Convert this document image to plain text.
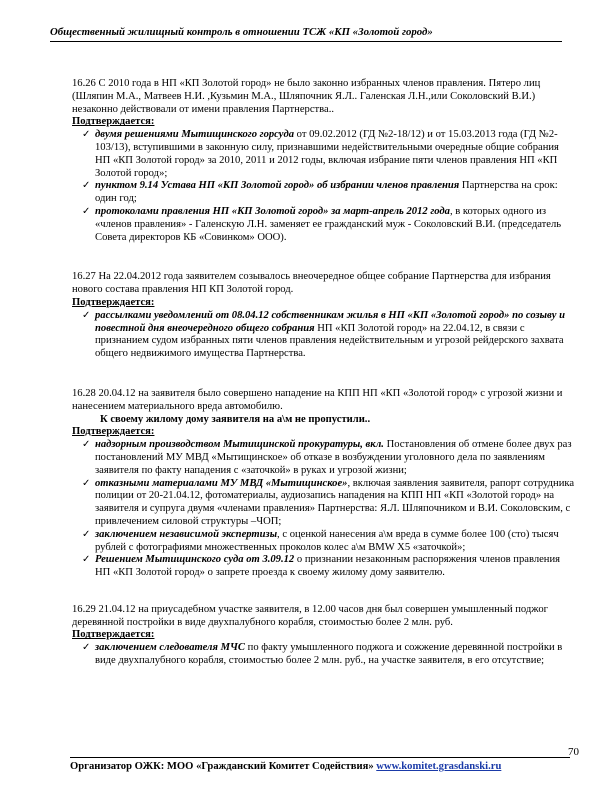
Общественный жилищный контроль в отношении ТСЖ «КП «Золотой город»
16.26 С 2010 года в НП «КП Золотой город» не было законно избранных членов правления. Пятеро лиц (Шляпин М.А., Матвеев Н.И. ,Кузьмин М.А., Шляпочник Я.Л.. Галенская Л.Н.,или Соколовский В.И.) незаконно действовали от имени правления Партнерства..
Подтверждается:
✓ двумя решениями Мытищинского горсуда от 09.02.2012 (ГД №2-18/12) и от 15.03.2013 года (ГД №2-103/13), вступившими в законную силу, признавшими недействительными очередные общие собрания НП «КП Золотой город» за 2010, 2011 и 2012 годы, включая избрание пяти членов правления НП «КП Золотой город»;
✓ пунктом 9.14 Устава НП «КП Золотой город» об избрании членов правления Партнерства на срок: один год;
✓ протоколами правления НП «КП Золотой город» за март-апрель 2012 года, в которых одного из «членов правления» - Галенскую Л.Н. заменяет ее гражданский муж - Соколовский В.И. (председатель Совета директоров КБ «Совинком» ООО).
16.27 На 22.04.2012 года заявителем созывалось внеочередное общее собрание Партнерства для избрания нового состава правления НП КП Золотой город.
Подтверждается:
✓ рассылками уведомлений от 08.04.12 собственникам жилья в НП «КП «Золотой город» по созыву и повестной дня внеочередного общего собрания НП «КП Золотой город» на 22.04.12, в связи с признанием судом избранных пяти членов правления недействительным и угрозой рейдерского захвата общего недвижимого имущества Партнерства.
16.28 20.04.12 на заявителя было совершено нападение на КПП НП «КП «Золотой город» с угрозой жизни и нанесением материального вреда автомобилю.
К своему жилому дому заявителя на а\м не пропустили..
Подтверждается:
✓ надзорным производством Мытищинской прокуратуры, вкл. Постановления об отмене более двух раз постановлений МУ МВД «Мытищинское» об отказе в возбуждении уголовного дела по заявлениям заявителя по факту нападения с «заточкой» в руках и угрозой жизни;
✓ отказными материалами МУ МВД «Мытищинское», включая заявления заявителя, рапорт сотрудника полиции от 20-21.04.12, фотоматериалы, аудиозапись нападения на КПП НП «КП «Золотой город» на заявителя и супруга двумя «членами правления» Партнерства: Я.Л. Шляпочником и В.И. Соколовским, с привлечением силовой структуры –ЧОП;
✓ заключением независимой экспертизы, с оценкой нанесения а\м вреда в сумме более 100 (сто) тысяч рублей с фотографиями множественных проколов колес а\м BMW X5 «заточкой»;
✓ Решением Мытищинского суда от 3.09.12 о признании незаконным распоряжения членов правления НП «КП Золотой город» о запрете проезда к своему жилому дому заявителю.
16.29 21.04.12 на приусадебном участке заявителя, в 12.00 часов дня был совершен умышленный поджог деревянной постройки в виде двухпалубного корабля, стоимостью более 2 млн. руб.
Подтверждается:
✓ заключением следователя МЧС по факту умышленного поджога и сожжение деревянной постройки в виде двухпалубного корабля, стоимостью более 2 млн. руб., на участке заявителя, в его отсутствие;
70
Организатор ОЖК: МОО «Гражданский Комитет Содействия» www.komitet.grasdanski.ru
